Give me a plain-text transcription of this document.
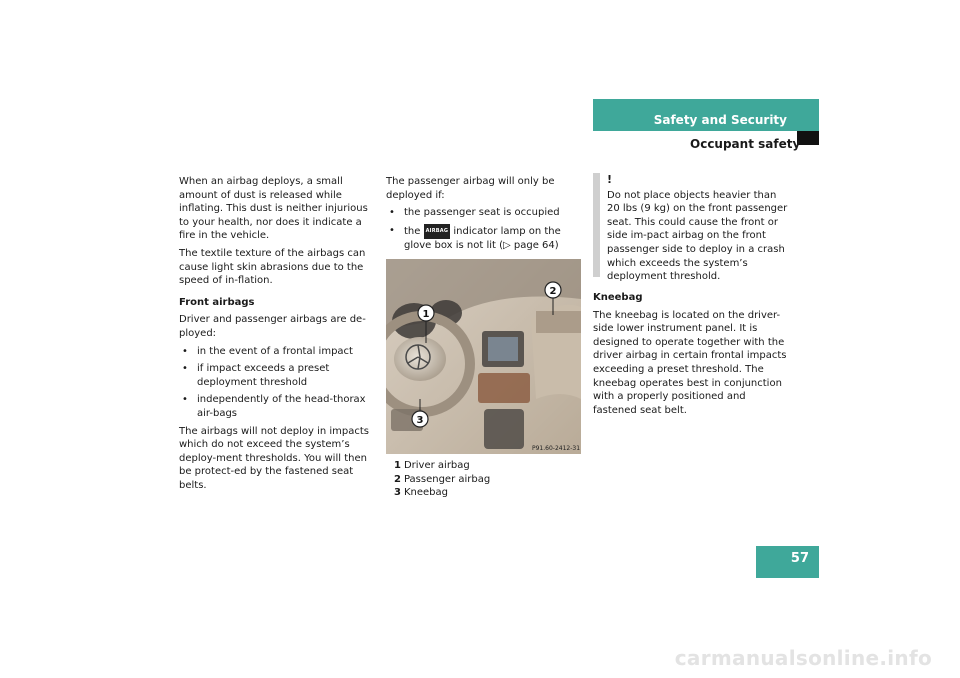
Safety and Security
Occupant safety

When an airbag deploys, a small amount of dust is released while inflating. This dust is neither injurious to your health, nor does it indicate a fire in the vehicle.

The textile texture of the airbags can cause light skin abrasions due to the speed of in-flation.

Front airbags

Driver and passenger airbags are de-ployed:

• in the event of a frontal impact
• if impact exceeds a preset deployment threshold
• independently of the head-thorax air-bags

The airbags will not deploy in impacts which do not exceed the system’s deploy-ment thresholds. You will then be protect-ed by the fastened seat belts.

The passenger airbag will only be deployed if:

• the passenger seat is occupied
• the AIRBAG indicator lamp on the glove box is not lit (▷ page 64)
1
2
3
P91.60-2412-31
1 Driver airbag
2 Passenger airbag
3 Kneebag
!

Do not place objects heavier than 20 lbs (9 kg) on the front passenger seat. This could cause the front or side im-pact airbag on the front passenger side to deploy in a crash which exceeds the system’s deployment threshold.

Kneebag

The kneebag is located on the driver-side lower instrument panel. It is designed to operate together with the driver airbag in certain frontal impacts exceeding a preset threshold. The kneebag operates best in conjunction with a properly positioned and fastened seat belt.

57
carmanualsonline.info
